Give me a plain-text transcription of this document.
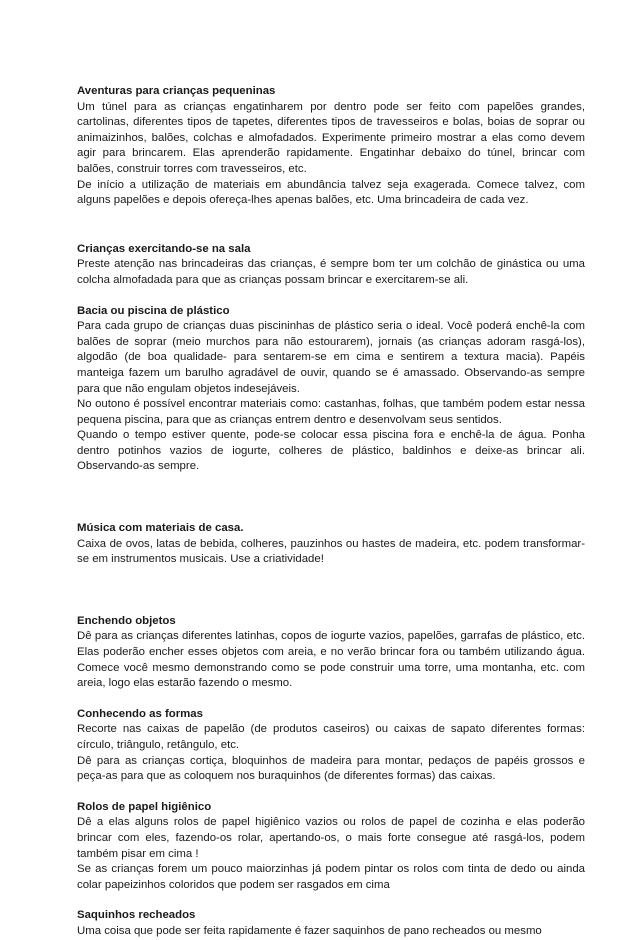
Aventuras para crianças pequeninas

Um túnel para as crianças engatinharem por dentro pode ser feito com papelões grandes, cartolinas, diferentes tipos de tapetes, diferentes tipos de travesseiros e bolas, boias de soprar ou animaizinhos, balões, colchas e almofadados. Experimente primeiro mostrar a elas como devem agir para brincarem. Elas aprenderão rapidamente. Engatinhar debaixo do túnel, brincar com balões, construir torres com travesseiros, etc.

De início a utilização de materiais em abundância talvez seja exagerada. Comece talvez, com alguns papelões e depois ofereça-lhes apenas balões, etc. Uma brincadeira de cada vez.

Crianças exercitando-se na sala

Preste atenção nas brincadeiras das crianças, é sempre bom ter um colchão de ginástica ou uma colcha almofadada para que as crianças possam brincar e exercitarem-se ali.

Bacia ou piscina de plástico

Para cada grupo de crianças duas piscininhas de plástico seria o ideal. Você poderá enchê-la com balões de soprar (meio murchos para não estourarem), jornais (as crianças adoram rasgá-los), algodão (de boa qualidade- para sentarem-se em cima e sentirem a textura macia). Papéis manteiga fazem um barulho agradável de ouvir, quando se é amassado. Observando-as sempre para que não engulam objetos indesejáveis.

No outono é possível encontrar materiais como: castanhas, folhas, que também podem estar nessa pequena piscina, para que as crianças entrem dentro e desenvolvam seus sentidos.

Quando o tempo estiver quente, pode-se colocar essa piscina fora e enchê-la de água. Ponha dentro potinhos vazios de iogurte, colheres de plástico, baldinhos e deixe-as brincar ali. Observando-as sempre.

Música com materiais de casa.

Caixa de ovos, latas de bebida, colheres, pauzinhos ou hastes de madeira, etc. podem transformar-se em instrumentos musicais. Use a criatividade!

Enchendo objetos

Dê para as crianças diferentes latinhas, copos de iogurte vazios, papelões, garrafas de plástico, etc. Elas poderão encher esses objetos com areia, e no verão brincar fora ou também utilizando água. Comece você mesmo demonstrando como se pode construir uma torre, uma montanha, etc. com areia, logo elas estarão fazendo o mesmo.

Conhecendo as formas

Recorte nas caixas de papelão (de produtos caseiros) ou caixas de sapato diferentes formas: círculo, triângulo, retângulo, etc.

Dê para as crianças cortiça, bloquinhos de madeira para montar, pedaços de papéis grossos e peça-as para que as coloquem nos buraquinhos (de diferentes formas) das caixas.

Rolos de papel higiênico

Dê a elas alguns rolos de papel higiênico vazios ou rolos de papel de cozinha e elas poderão brincar com eles, fazendo-os rolar, apertando-os, o mais forte consegue até rasgá-los, podem também pisar em cima !

Se as crianças forem um pouco maiorzinhas já podem pintar os rolos com tinta de dedo ou ainda colar papeizinhos coloridos que podem ser rasgados em cima

Saquinhos recheados

Uma coisa que pode ser feita rapidamente é fazer saquinhos de pano recheados ou mesmo
